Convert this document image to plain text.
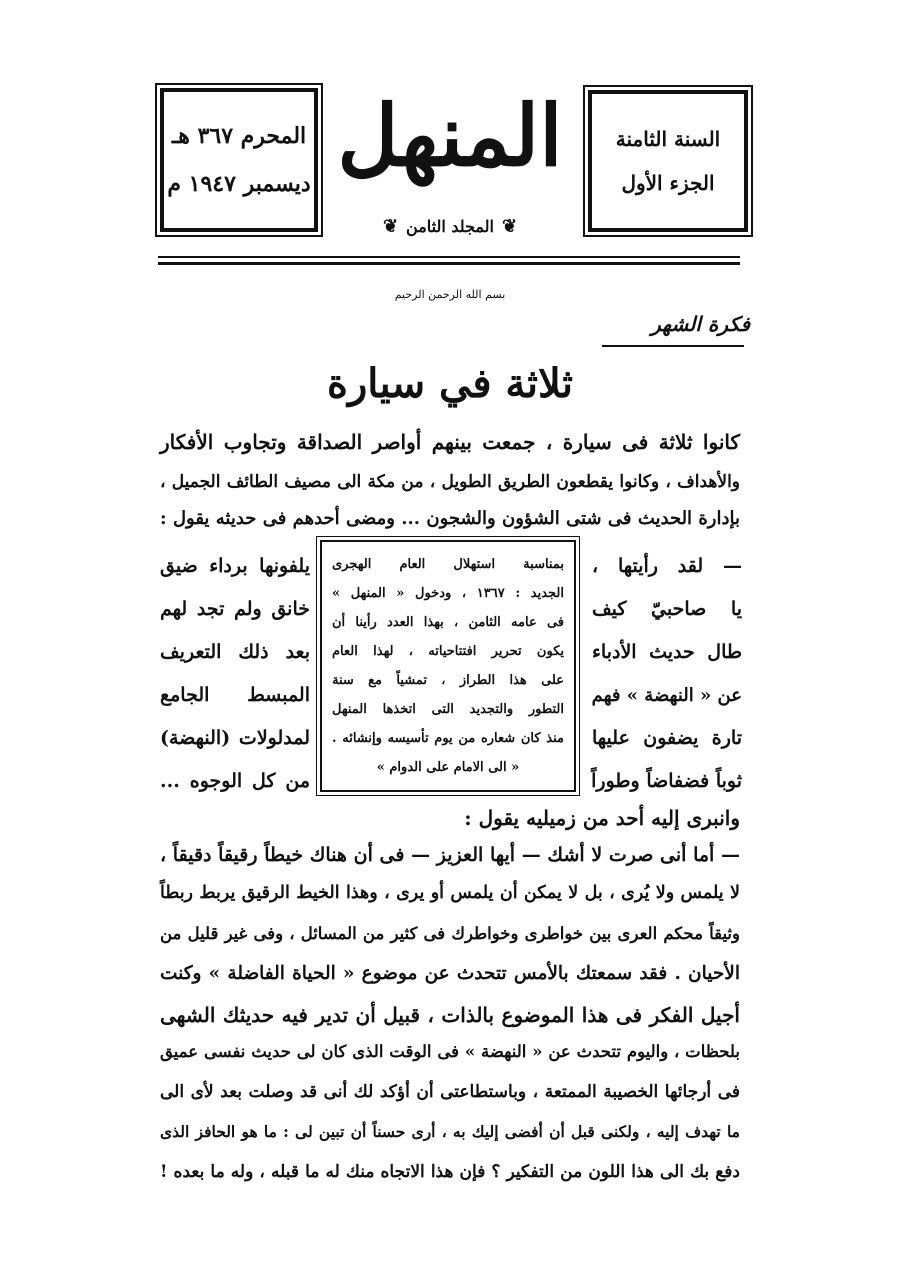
السنة الثامنة
الجزء الأول
المنهل
❦
المجلد الثامن
❦
المحرم ٣٦٧ هـ
ديسمبر ١٩٤٧ م
بسم الله الرحمن الرحيم
فكرة الشهر
ثلاثة في سيارة
كانوا ثلاثة فى سيارة ، جمعت بينهم أواصر الصداقة وتجاوب الأفكار
والأهداف ، وكانوا يقطعون الطريق الطويل ، من مكة الى مصيف الطائف الجميل ،
بإدارة الحديث فى شتى الشؤون والشجون ... ومضى أحدهم فى حديثه يقول :
— لقد رأيتها ،
يا صاحبيّ كيف
طال حديث الأدباء
عن « النهضة » فهم
تارة يضفون عليها
ثوباً فضفاضاً وطوراً
بمناسبة استهلال العام الهجرى
الجديد : ١٣٦٧ ، ودخول « المنهل »
فى عامه الثامن ، بهذا العدد رأينا أن
يكون تحرير افتتاحياته ، لهذا العام
على هذا الطراز ، تمشياً مع سنة
التطور والتجديد التى اتخذها المنهل
منذ كان شعاره من يوم تأسيسه وإنشائه .
« الى الامام على الدوام »
يلفونها برداء ضيق
خانق ولم تجد لهم
بعد ذلك التعريف
المبسط الجامع
لمدلولات (النهضة)
من كل الوجوه ...
وانبرى إليه أحد من زميليه يقول :
— أما أنى صرت لا أشك — أيها العزيز — فى أن هناك خيطاً رقيقاً دقيقاً ،
لا يلمس ولا يُرى ، بل لا يمكن أن يلمس أو يرى ، وهذا الخيط الرقيق يربط ربطاً
وثيقاً محكم العرى بين خواطرى وخواطرك فى كثير من المسائل ، وفى غير قليل من
الأحيان . فقد سمعتك بالأمس تتحدث عن موضوع « الحياة الفاضلة » وكنت
أجيل الفكر فى هذا الموضوع بالذات ، قبيل أن تدير فيه حديثك الشهى
بلحظات ، واليوم تتحدث عن « النهضة » فى الوقت الذى كان لى حديث نفسى عميق
فى أرجائها الخصيبة الممتعة ، وباستطاعتى أن أؤكد لك أنى قد وصلت بعد لأى الى
ما تهدف إليه ، ولكنى قبل أن أفضى إليك به ، أرى حسناً أن تبين لى : ما هو الحافز الذى
دفع بك الى هذا اللون من التفكير ؟ فإن هذا الاتجاه منك له ما قبله ، وله ما بعده !
